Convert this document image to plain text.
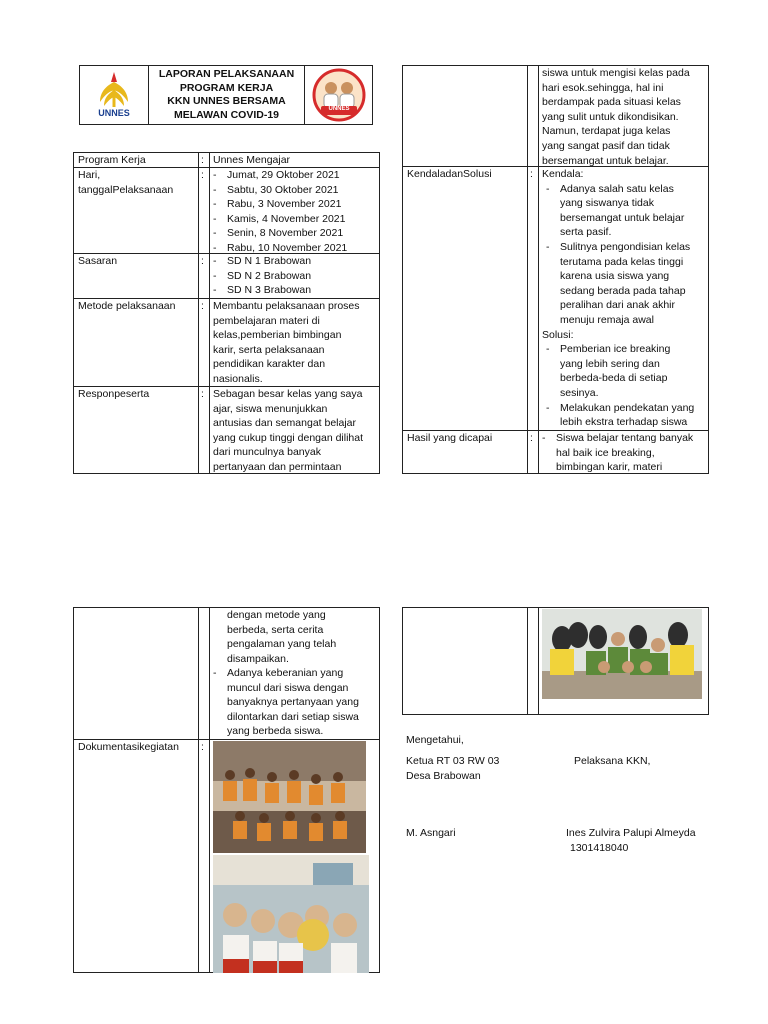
UNNES
LAPORAN PELAKSANAAN
PROGRAM KERJA
KKN UNNES BERSAMA
MELAWAN COVID-19	UNNES
Program Kerja	: Unnes Mengajar
Hari,
tanggalPelaksanaan
:	- Jumat, 29 Oktober 2021
- Sabtu, 30 Oktober 2021
- Rabu, 3 November 2021
- Kamis, 4 November 2021
- Senin, 8 November 2021
- Rabu, 10 November 2021
Sasaran	:	- SD N 1 Brabowan
- SD N 2 Brabowan
- SD N 3 Brabowan
Metode pelaksanaan : Membantu pelaksanaan proses
pembelajaran materi di
kelas,pemberian bimbingan
karir, serta pelaksanaan
pendidikan karakter dan
nasionalis.
Responpeserta	: Sebagan besar kelas yang saya
ajar, siswa menunjukkan
antusias dan semangat belajar
yang cukup tinggi dengan dilihat
dari munculnya banyak
pertanyaan dan permintaan
siswa untuk mengisi kelas pada
hari esok.sehingga, hal ini
berdampak pada situasi kelas
yang sulit untuk dikondisikan.
Namun, terdapat juga kelas
yang sangat pasif dan tidak
bersemangat untuk belajar.
KendaladanSolusi	: Kendala:
- Adanya salah satu kelas
yang siswanya tidak
bersemangat untuk belajar
serta pasif.
- Sulitnya pengondisian kelas
terutama pada kelas tinggi
karena usia siswa yang
sedang berada pada tahap
peralihan dari anak akhir
menuju remaja awal
Solusi:
- Pemberian ice breaking
yang lebih sering dan
berbeda-beda di setiap
sesinya.
- Melakukan pendekatan yang
lebih ekstra terhadap siswa
Hasil yang dicapai	: - Siswa belajar tentang banyak
hal baik ice breaking,
bimbingan karir, materi
dengan metode yang
berbeda, serta cerita
pengalaman yang telah
disampaikan.
- Adanya keberanian yang
muncul dari siswa dengan
banyaknya pertanyaan yang
dilontarkan dari setiap siswa
yang berbeda siswa.
Dokumentasikegiatan :
Mengetahui,
Ketua RT 03 RW 03
Desa Brabowan
Pelaksana KKN,
M. Asngari	Ines Zulvira Palupi Almeyda
1301418040
